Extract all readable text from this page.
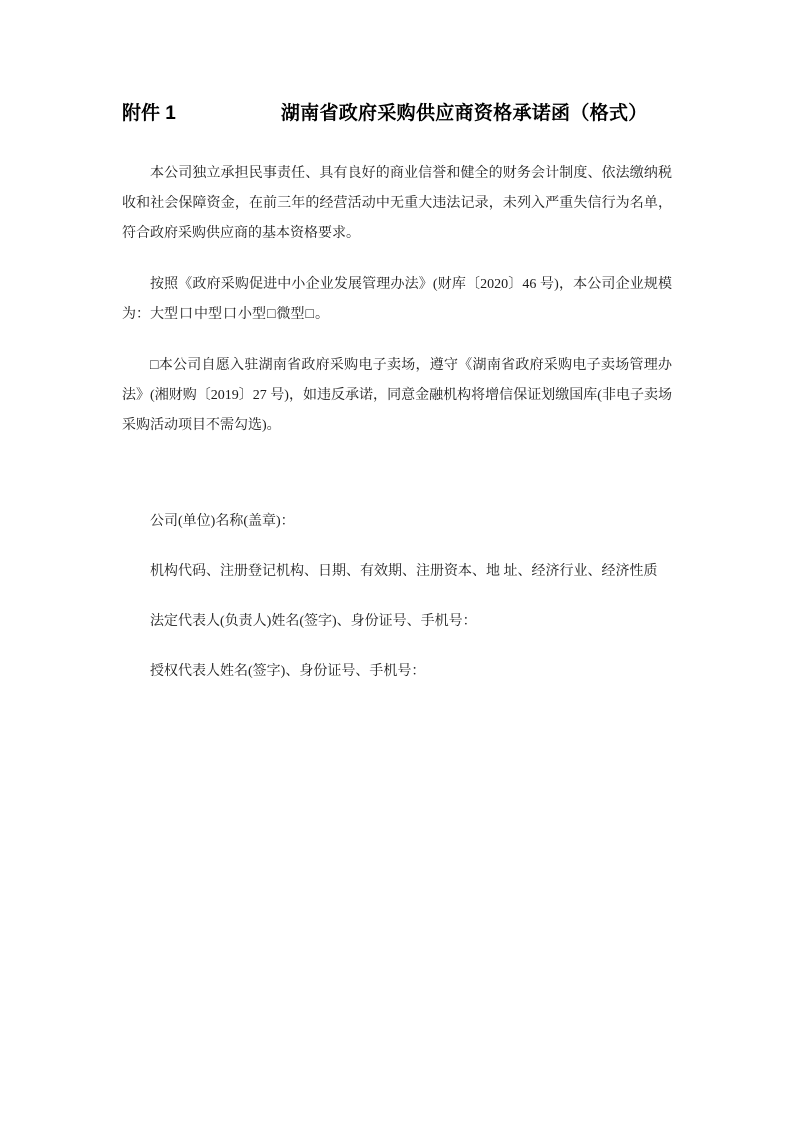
附件 1	湖南省政府采购供应商资格承诺函（格式）

本公司独立承担民事责任、具有良好的商业信誉和健全的财务会计制度、依法缴纳税收和社会保障资金，在前三年的经营活动中无重大违法记录，未列入严重失信行为名单，符合政府采购供应商的基本资格要求。

按照《政府采购促进中小企业发展管理办法》(财库〔2020〕46 号)，本公司企业规模为：大型口中型口小型□微型□。

□本公司自愿入驻湖南省政府采购电子卖场，遵守《湖南省政府采购电子卖场管理办法》(湘财购〔2019〕27 号)，如违反承诺，同意金融机构将增信保证划缴国库(非电子卖场采购活动项目不需勾选)。

公司(单位)名称(盖章)：

机构代码、注册登记机构、日期、有效期、注册资本、地 址、经济行业、经济性质

法定代表人(负责人)姓名(签字)、身份证号、手机号：

授权代表人姓名(签字)、身份证号、手机号：
